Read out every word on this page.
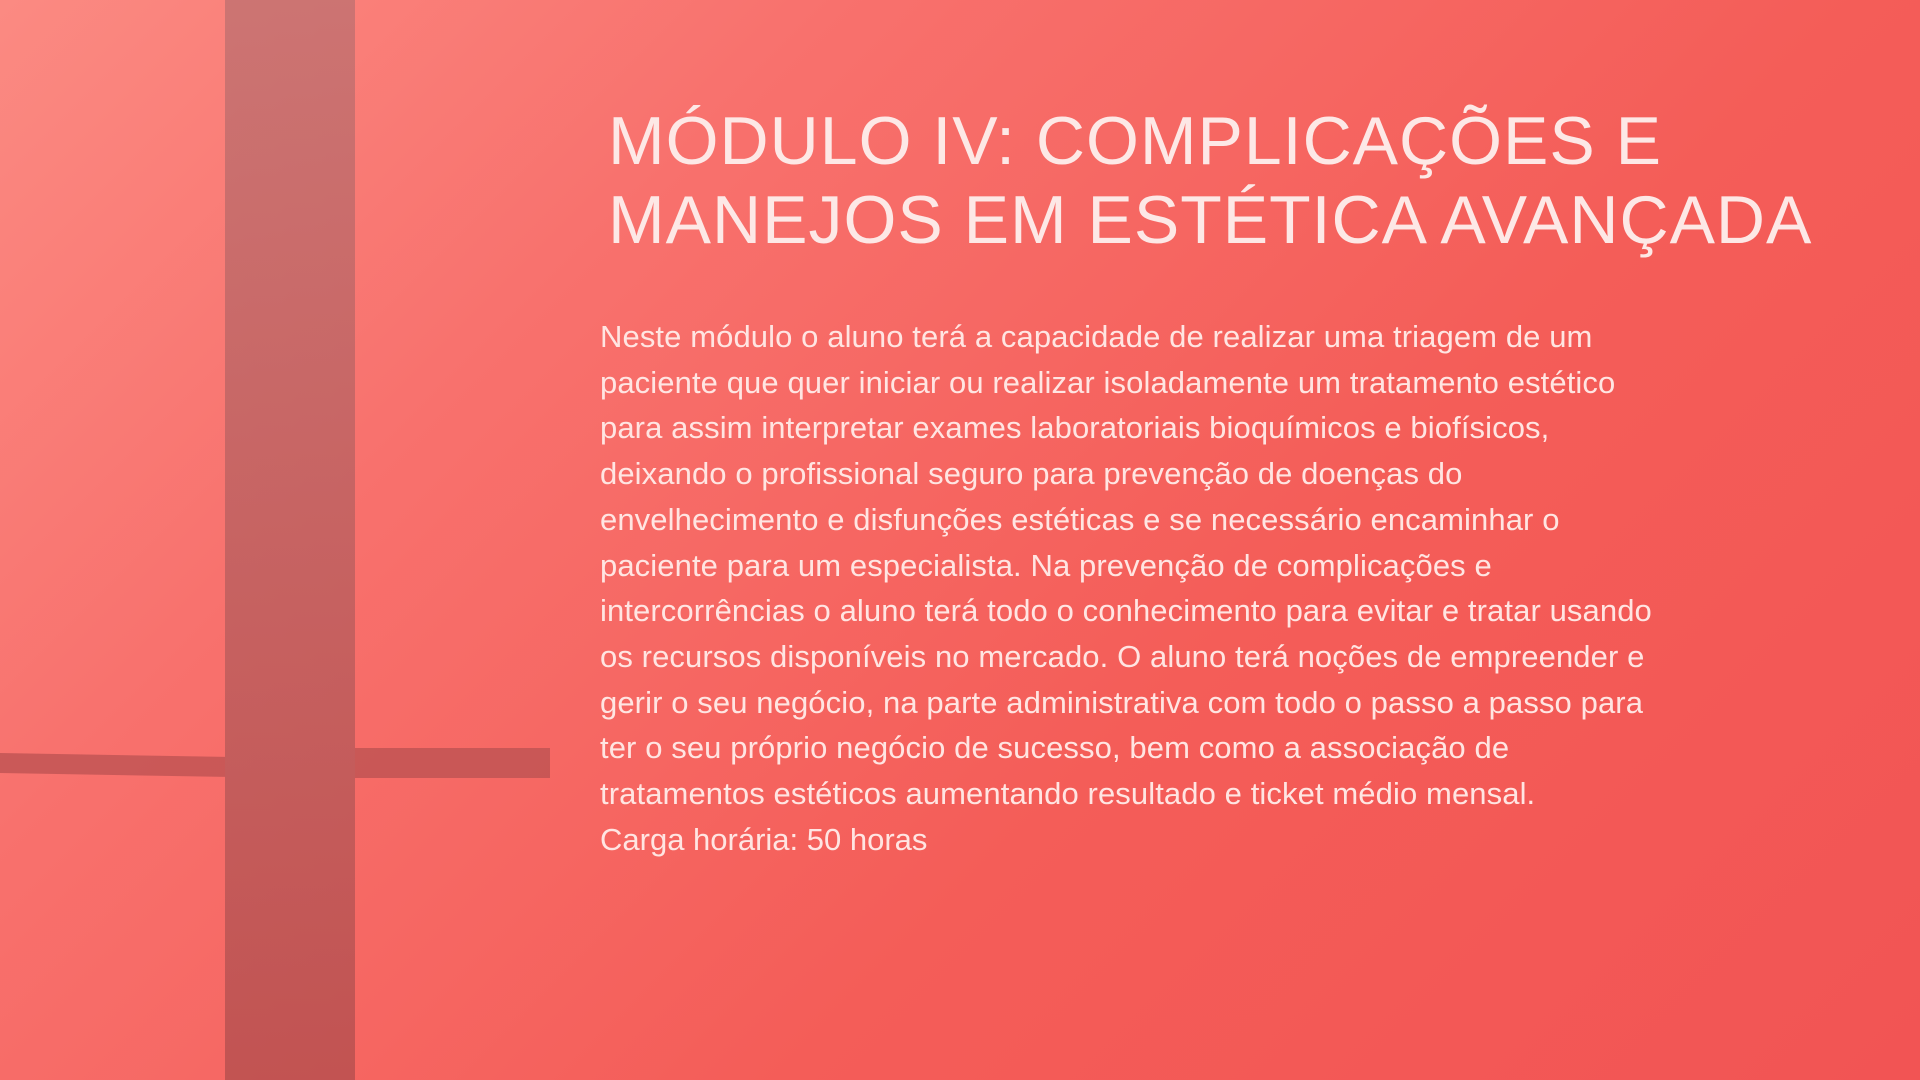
MÓDULO IV: COMPLICAÇÕES E
MANEJOS EM ESTÉTICA AVANÇADA

Neste módulo o aluno terá a capacidade de realizar uma triagem de um paciente que quer iniciar ou realizar isoladamente um tratamento estético para assim interpretar exames laboratoriais bioquímicos e biofísicos, deixando o profissional seguro para prevenção de doenças do envelhecimento e disfunções estéticas e se necessário encaminhar o paciente para um especialista. Na prevenção de complicações e intercorrências o aluno terá todo o conhecimento para evitar e tratar usando os recursos disponíveis no mercado. O aluno terá noções de empreender e gerir o seu negócio, na parte administrativa com todo o passo a passo para ter o seu próprio negócio de sucesso, bem como a associação de tratamentos estéticos aumentando resultado e ticket médio mensal.

Carga horária: 50 horas
